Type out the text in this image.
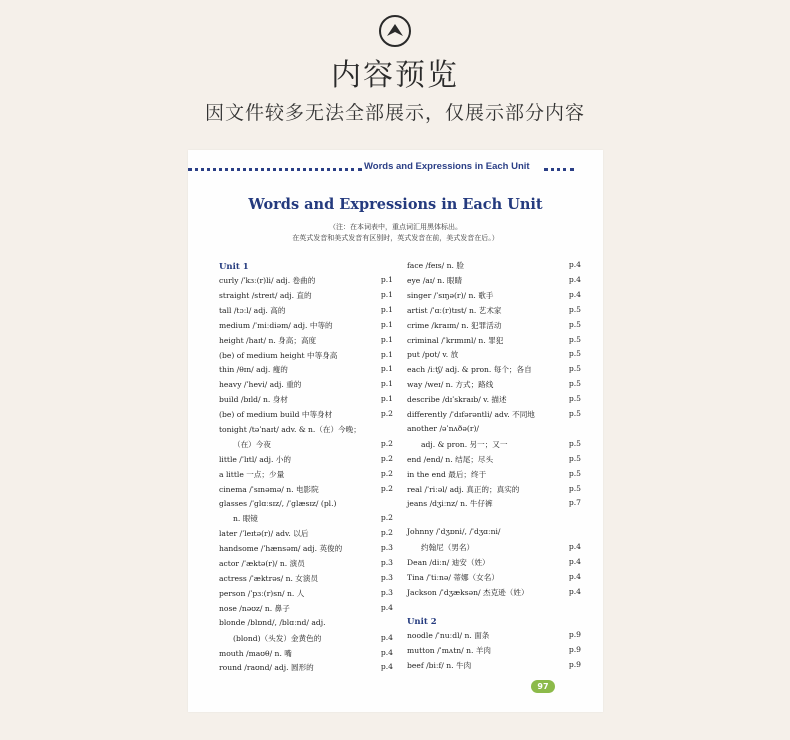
内容预览
因文件较多无法全部展示，仅展示部分内容
Words and Expressions in Each Unit
Words and Expressions in Each Unit
（注：在本词表中，重点词汇用黑体标出。
在英式发音和美式发音有区别时，英式发音在前，美式发音在后。）
Unit 1
curly /ˈkɜː(r)li/ adj. 卷曲的	p.1
straight /streɪt/ adj. 直的	p.1
tall /tɔːl/ adj. 高的	p.1
medium /ˈmiːdiəm/ adj. 中等的	p.1
height /haɪt/ n. 身高；高度	p.1
(be) of medium height 中等身高	p.1
thin /θɪn/ adj. 瘦的	p.1
heavy /ˈhevi/ adj. 重的	p.1
build /bɪld/ n. 身材	p.1
(be) of medium build 中等身材	p.2
tonight /təˈnaɪt/ adv. & n.（在）今晚；
（在）今夜	p.2
little /ˈlɪtl/ adj. 小的	p.2
a little 一点；少量	p.2
cinema /ˈsɪnəmə/ n. 电影院	p.2
glasses /ˈglɑːsɪz/, /ˈglæsɪz/ (pl.)
n. 眼镜	p.2
later /ˈleɪtə(r)/ adv. 以后	p.2
handsome /ˈhænsəm/ adj. 英俊的	p.3
actor /ˈæktə(r)/ n. 演员	p.3
actress /ˈæktrəs/ n. 女演员	p.3
person /ˈpɜː(r)sn/ n. 人	p.3
nose /nəʊz/ n. 鼻子	p.4
blonde /blɒnd/, /blɑːnd/ adj.
(blond)（头发）金黄色的	p.4
mouth /maʊθ/ n. 嘴	p.4
round /raʊnd/ adj. 圆形的	p.4
face /feɪs/ n. 脸	p.4
eye /aɪ/ n. 眼睛	p.4
singer /ˈsɪŋə(r)/ n. 歌手	p.4
artist /ˈɑː(r)tɪst/ n. 艺术家	p.5
crime /kraɪm/ n. 犯罪活动	p.5
criminal /ˈkrɪmɪnl/ n. 罪犯	p.5
put /pʊt/ v. 放	p.5
each /iːtʃ/ adj. & pron. 每个；各自	p.5
way /weɪ/ n. 方式；路线	p.5
describe /dɪˈskraɪb/ v. 描述	p.5
differently /ˈdɪfərəntli/ adv. 不同地	p.5
another /əˈnʌðə(r)/
adj. & pron. 另一；又一	p.5
end /end/ n. 结尾；尽头	p.5
in the end 最后；终于	p.5
real /ˈriːəl/ adj. 真正的；真实的	p.5
jeans /dʒiːnz/ n. 牛仔裤	p.7
Johnny /ˈdʒɒni/, /ˈdʒɑːni/
约翰尼（男名）	p.4
Dean /diːn/ 迪安（姓）	p.4
Tina /ˈtiːnə/ 蒂娜（女名）	p.4
Jackson /ˈdʒæksən/ 杰克逊（姓）	p.4
Unit 2
noodle /ˈnuːdl/ n. 面条	p.9
mutton /ˈmʌtn/ n. 羊肉	p.9
beef /biːf/ n. 牛肉	p.9
97
